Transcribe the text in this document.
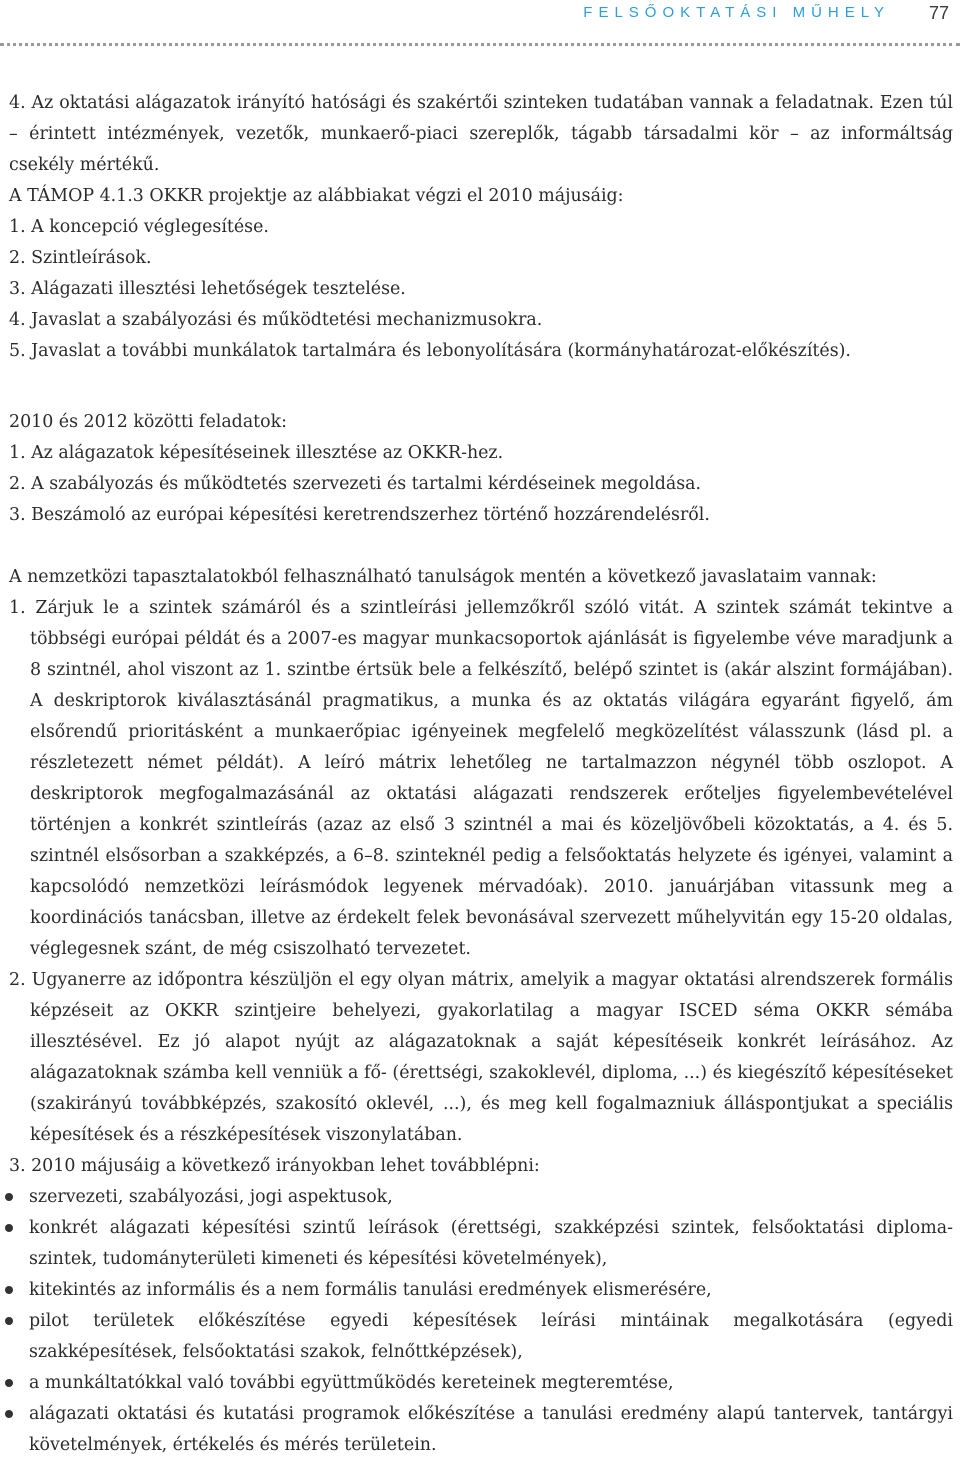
FELSŐOKTATÁSI MŰHELY 77

4. Az oktatási alágazatok irányító hatósági és szakértői szinteken tudatában vannak a feladatnak. Ezen túl – érintett intézmények, vezetők, munkaerő-piaci szereplők, tágabb társadalmi kör – az informáltság csekély mértékű.

A TÁMOP 4.1.3 OKKR projektje az alábbiakat végzi el 2010 májusáig:

1. A koncepció véglegesítése.

2. Szintleírások.

3. Alágazati illesztési lehetőségek tesztelése.

4. Javaslat a szabályozási és működtetési mechanizmusokra.

5. Javaslat a további munkálatok tartalmára és lebonyolítására (kormányhatározat-előkészítés).

2010 és 2012 közötti feladatok:

1. Az alágazatok képesítéseinek illesztése az OKKR-hez.

2. A szabályozás és működtetés szervezeti és tartalmi kérdéseinek megoldása.

3. Beszámoló az európai képesítési keretrendszerhez történő hozzárendelésről.

A nemzetközi tapasztalatokból felhasználható tanulságok mentén a következő javaslataim vannak:

1. Zárjuk le a szintek számáról és a szintleírási jellemzőkről szóló vitát. A szintek számát tekintve a többségi európai példát és a 2007-es magyar munkacsoportok ajánlását is figyelembe véve maradjunk a 8 szintnél, ahol viszont az 1. szintbe értsük bele a felkészítő, belépő szintet is (akár alszint formájában). A deskriptorok kiválasztásánál pragmatikus, a munka és az oktatás világára egyaránt figyelő, ám elsőrendű prioritásként a munkaerőpiac igényeinek megfelelő megközelítést válasszunk (lásd pl. a részletezett német példát). A leíró mátrix lehetőleg ne tartalmazzon négynél több oszlopot. A deskriptorok megfogalmazásánál az oktatási alágazati rendszerek erőteljes figyelembevételével történjen a konkrét szintleírás (azaz az első 3 szintnél a mai és közeljövőbeli közoktatás, a 4. és 5. szintnél elsősorban a szakképzés, a 6–8. szinteknél pedig a felsőoktatás helyzete és igényei, valamint a kapcsolódó nemzetközi leírásmódok legyenek mérvadóak). 2010. januárjában vitassunk meg a koordinációs tanácsban, illetve az érdekelt felek bevonásával szervezett műhelyvitán egy 15-20 oldalas, véglegesnek szánt, de még csiszolható tervezetet.

2. Ugyanerre az időpontra készüljön el egy olyan mátrix, amelyik a magyar oktatási alrendszerek formális képzéseit az OKKR szintjeire behelyezi, gyakorlatilag a magyar ISCED séma OKKR sémába illesztésével. Ez jó alapot nyújt az alágazatoknak a saját képesítéseik konkrét leírásához. Az alágazatoknak számba kell venniük a fő- (érettségi, szakoklevél, diploma, ...) és kiegészítő képesítéseket (szakirányú továbbképzés, szakosító oklevél, ...), és meg kell fogalmazniuk álláspontjukat a speciális képesítések és a részképesítések viszonylatában.

3. 2010 májusáig a következő irányokban lehet továbblépni:

szervezeti, szabályozási, jogi aspektusok,
konkrét alágazati képesítési szintű leírások (érettségi, szakképzési szintek, felsőoktatási diploma-szintek, tudományterületi kimeneti és képesítési követelmények),
kitekintés az informális és a nem formális tanulási eredmények elismerésére,
pilot területek előkészítése egyedi képesítések leírási mintáinak megalkotására (egyedi szakképesítések, felsőoktatási szakok, felnőttképzések),
a munkáltatókkal való további együttműködés kereteinek megteremtése,
alágazati oktatási és kutatási programok előkészítése a tanulási eredmény alapú tantervek, tantárgyi követelmények, értékelés és mérés területein.
